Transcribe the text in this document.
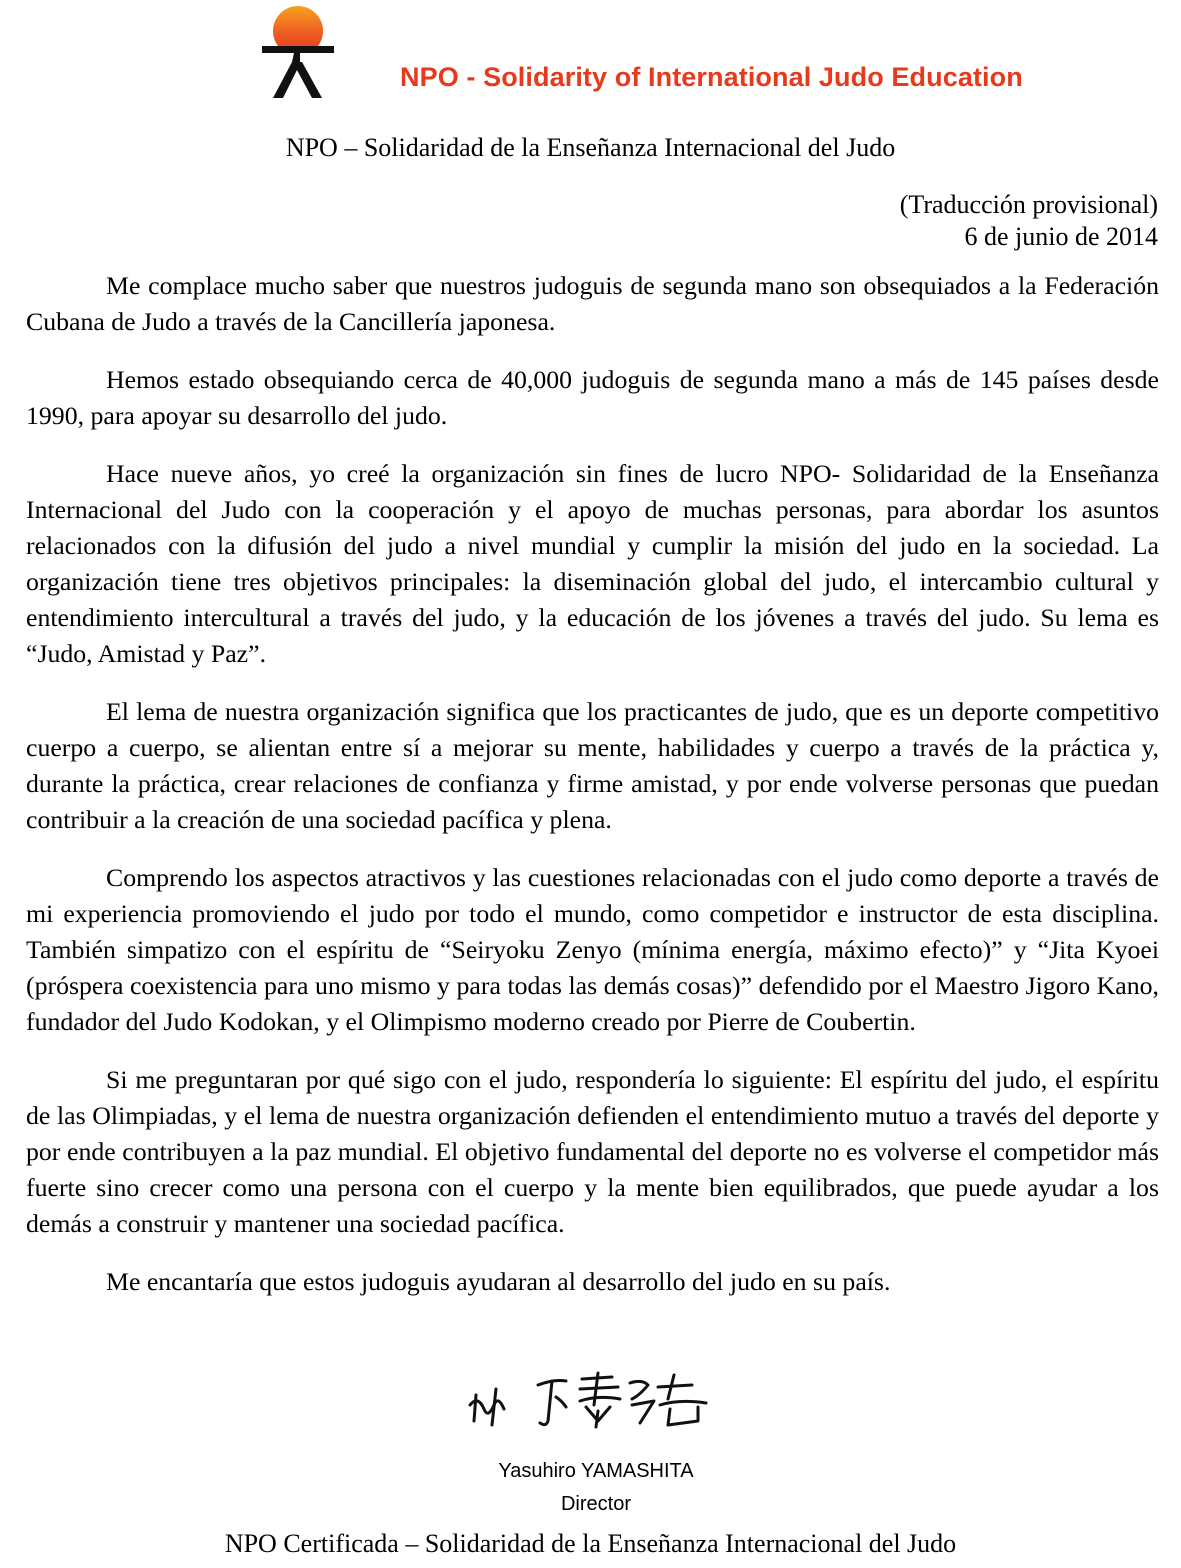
NPO - Solidarity of International Judo Education
NPO – Solidaridad de la Enseñanza Internacional del Judo
(Traducción provisional)
6 de junio de 2014

Me complace mucho saber que nuestros judoguis de segunda mano son obsequiados a la Federación Cubana de Judo a través de la Cancillería japonesa.

Hemos estado obsequiando cerca de 40,000 judoguis de segunda mano a más de 145 países desde 1990, para apoyar su desarrollo del judo.

Hace nueve años, yo creé la organización sin fines de lucro NPO- Solidaridad de la Enseñanza Internacional del Judo con la cooperación y el apoyo de muchas personas, para abordar los asuntos relacionados con la difusión del judo a nivel mundial y cumplir la misión del judo en la sociedad. La organización tiene tres objetivos principales: la diseminación global del judo, el intercambio cultural y entendimiento intercultural a través del judo, y la educación de los jóvenes a través del judo. Su lema es “Judo, Amistad y Paz”.

El lema de nuestra organización significa que los practicantes de judo, que es un deporte competitivo cuerpo a cuerpo, se alientan entre sí a mejorar su mente, habilidades y cuerpo a través de la práctica y, durante la práctica, crear relaciones de confianza y firme amistad, y por ende volverse personas que puedan contribuir a la creación de una sociedad pacífica y plena.

Comprendo los aspectos atractivos y las cuestiones relacionadas con el judo como deporte a través de mi experiencia promoviendo el judo por todo el mundo, como competidor e instructor de esta disciplina. También simpatizo con el espíritu de “Seiryoku Zenyo (mínima energía, máximo efecto)” y “Jita Kyoei (próspera coexistencia para uno mismo y para todas las demás cosas)” defendido por el Maestro Jigoro Kano, fundador del Judo Kodokan, y el Olimpismo moderno creado por Pierre de Coubertin.

Si me preguntaran por qué sigo con el judo, respondería lo siguiente: El espíritu del judo, el espíritu de las Olimpiadas, y el lema de nuestra organización defienden el entendimiento mutuo a través del deporte y por ende contribuyen a la paz mundial. El objetivo fundamental del deporte no es volverse el competidor más fuerte sino crecer como una persona con el cuerpo y la mente bien equilibrados, que puede ayudar a los demás a construir y mantener una sociedad pacífica.

Me encantaría que estos judoguis ayudaran al desarrollo del judo en su país.

Yasuhiro YAMASHITA
Director
NPO Certificada – Solidaridad de la Enseñanza Internacional del Judo
